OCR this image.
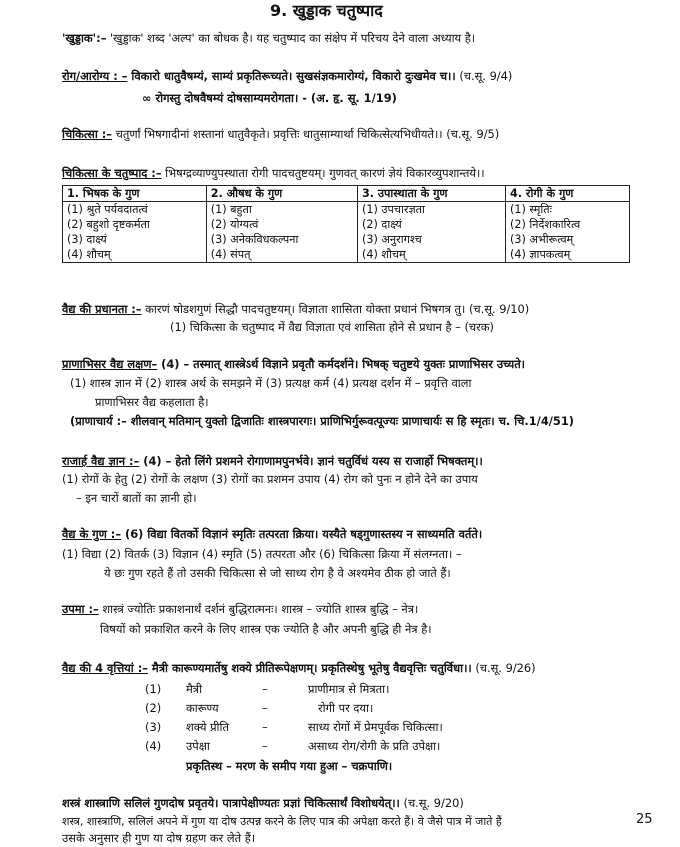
9. खुड्डाक चतुष्पाद
'खुड्डाक':– 'खुड्डाक' शब्द 'अल्प' का बोधक है। यह चतुष्पाद का संक्षेप में परिचय देने वाला अध्याय है।
रोग/आरोग्य : – विकारो धातुवैषम्यं, साम्यं प्रकृतिरूच्यते। सुखसंज्ञकमारोग्यं, विकारो दुःखमेव च।। (च.सू. 9/4)
∞ रोगस्तु दोषवैषम्यं दोषसाम्यमरोगता। - (अ. हृ. सू. 1/19)
चिकित्सा :– चतुर्णां भिषगादीनां शस्तानां धातुवैकृते। प्रवृत्तिः धातुसाम्यार्था चिकित्सेत्यभिधीयते।। (च.सू. 9/5)
चिकित्सा के चतुष्पाद :– भिषग्द्रव्याण्युपस्थाता रोगी पादचतुष्टयम्। गुणवत् कारणं ज्ञेयं विकारव्युपशान्तये।।
1. भिषक के गुण	2. औषध के गुण	3. उपास्थाता के गुण	4. रोगी के गुण
(1) श्रुते पर्यवदातत्वं	(1) बहुता	(1) उपचारज्ञता	(1) स्मृतिः
(2) बहुशो दृष्टकर्मता	(2) योग्यत्वं	(2) दाक्ष्यं	(2) निर्देशकारित्व
(3) दाक्ष्यं	(3) अनेकविधकल्पना	(3) अनुरागश्च	(3) अभीरूत्वम्
(4) शौचम्	(4) संपत्	(4) शौचम्	(4) ज्ञापकत्वम्
वैद्य की प्रधानता :– कारणं षोडशगुणं सिद्धौ पादचतुष्टयम्। विज्ञाता शासिता योक्ता प्रधानं भिषगत्र तु। (च.सू. 9/10)
(1) चिकित्सा के चतुष्पाद में वैद्य विज्ञाता एवं शासिता होने से प्रधान है – (चरक)
प्राणाभिसर वैद्य लक्षण– (4) – तस्मात् शास्त्रेऽर्थ विज्ञाने प्रवृतौ कर्मदर्शने। भिषक् चतुष्टये युक्तः प्राणाभिसर उच्यते।
(1) शास्त्र ज्ञान में (2) शास्त्र अर्थ के समझने में (3) प्रत्यक्ष कर्म (4) प्रत्यक्ष दर्शन में – प्रवृत्ति वाला
प्राणाभिसर वैद्य कहलाता है।
(प्राणाचार्य :– शीलवान् मतिमान् युक्तो द्विजातिः शास्त्रपारगः। प्राणिभिर्गुरूवत्पूज्यः प्राणाचार्यः स हि स्मृतः। च. चि.1/4/51)
राजार्ह वैद्य ज्ञान :– (4) – हेतो लिंगे प्रशमने रोगाणामपुनर्भवे। ज्ञानं चतुर्विधं यस्य स राजार्हो भिषक्तम्।।
(1) रोगों के हेतु (2) रोगों के लक्षण (3) रोगों का प्रशमन उपाय (4) रोग को पुनः न होने देने का उपाय
– इन चारों बातों का ज्ञानी हो।
वैद्य के गुण :– (6) विद्या वितर्को विज्ञानं स्मृतिः तत्परता क्रिया। यस्यैते षड्गुणास्तस्य न साध्यमति वर्तते।
(1) विद्या (2) वितर्क (3) विज्ञान (4) स्मृति (5) तत्परता और (6) चिकित्सा क्रिया में संलग्नता। –
ये छः गुण रहते हैं तो उसकी चिकित्सा से जो साध्य रोग है वे अश्यमेव ठीक हो जाते हैं।
उपमा :– शास्त्रं ज्योतिः प्रकाशनार्थं दर्शनं बुद्धिरात्मनः। शास्त्र – ज्योति शास्त्र बुद्धि – नेत्र।
विषयों को प्रकाशित करने के लिए शास्त्र एक ज्योति है और अपनी बुद्धि ही नेत्र है।
वैद्य की 4 वृत्तियां :– मैत्री कारूण्यमार्तेषु शक्ये प्रीतिरूपेक्षणम्। प्रकृतिस्थेषु भूतेषु वैद्यवृत्तिः चतुर्विधा।। (च.सू. 9/26)
(1) मैत्री	–	प्राणीमात्र से मित्रता।
(2) कारूण्य	–	रोगी पर दया।
(3) शक्ये प्रीति	–	साध्य रोगों में प्रेमपूर्वक चिकित्सा।
(4) उपेक्षा	–	असाध्य रोग/रोगी के प्रति उपेक्षा।
प्रकृतिस्थ – मरण के समीप गया हुआ – चक्रपाणि।
शस्त्रं शास्त्राणि सलिलं गुणदोष प्रवृतये। पात्रापेक्षीण्यतः प्रज्ञां चिकित्सार्थं विशोधयेत्।। (च.सू. 9/20)
शस्त्र, शास्त्राणि, सलिलं अपने में गुण या दोष उत्पन्न करने के लिए पात्र की अपेक्षा करते हैं। वे जैसे पात्र में जाते हैं
उसके अनुसार ही गुण या दोष ग्रहण कर लेते हैं।
25
